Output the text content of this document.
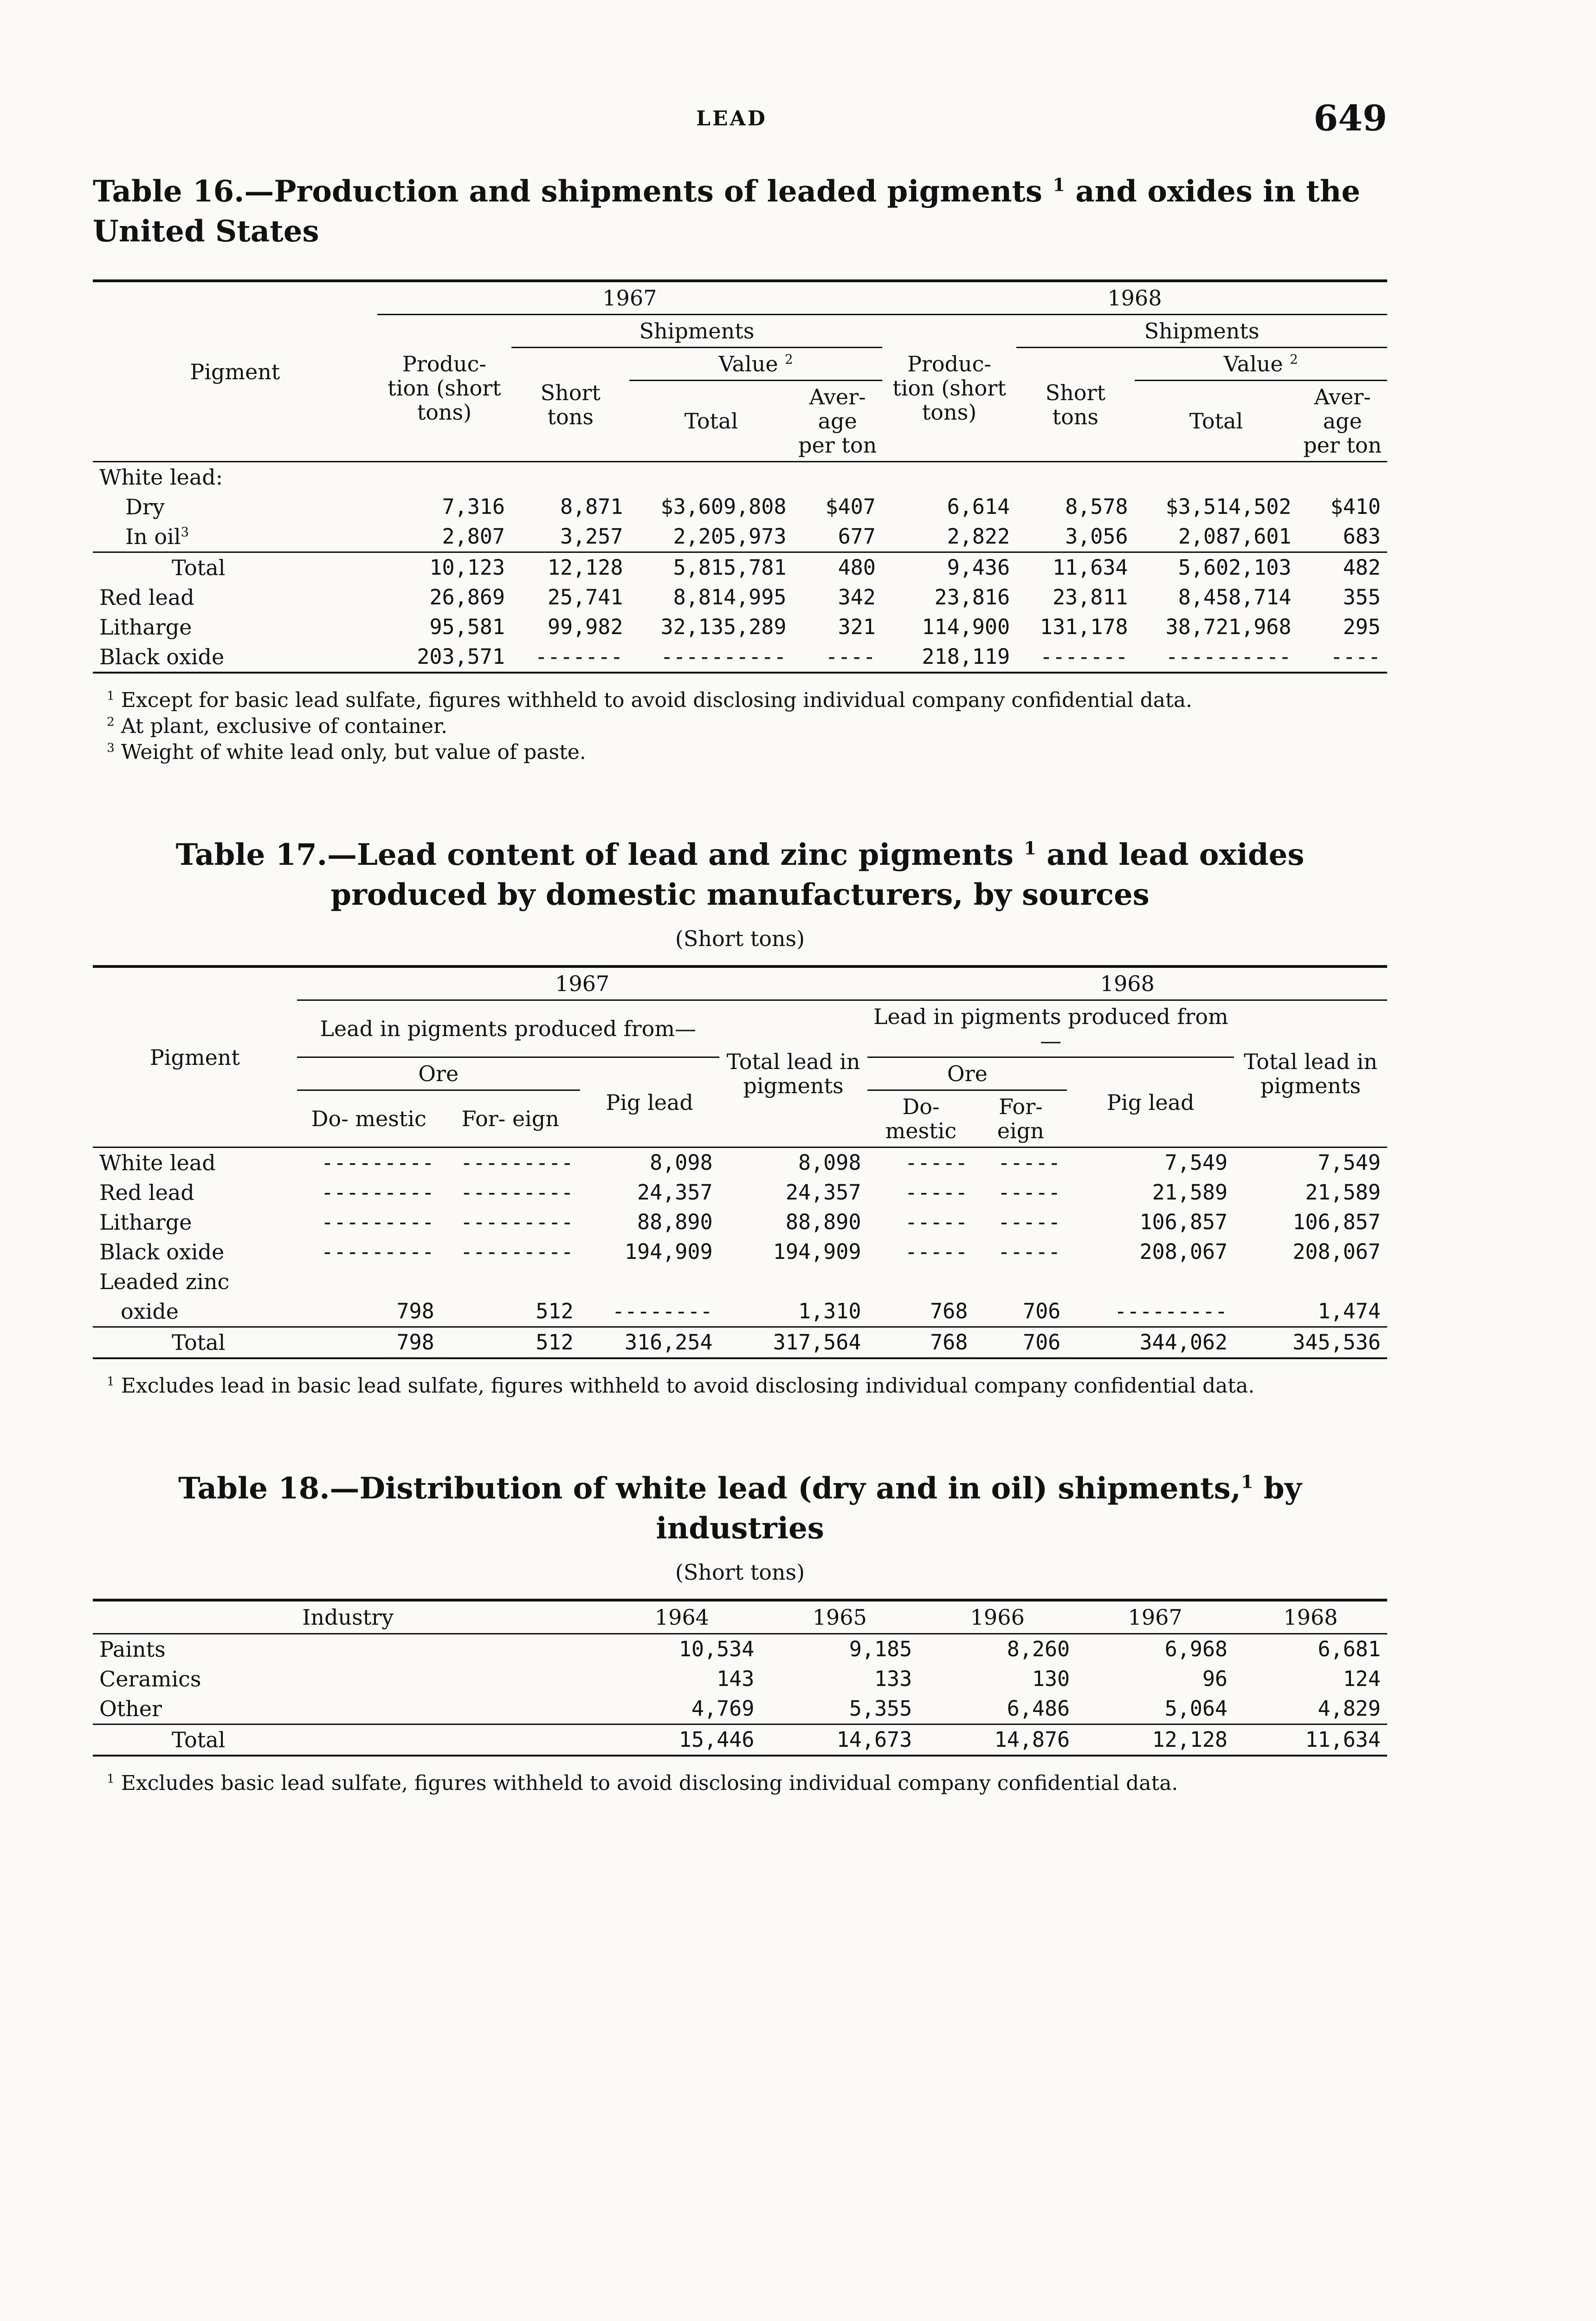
LEAD	649

Table 16.—Production and shipments of leaded pigments $^1$ and oxides in the United States

Pigment	1967				1968			
	Produc- tion (short tons)	Shipments			Produc- tion (short tons)	Shipments		
		Short tons	Value $^2$			Short tons	Value $^2$
			Total	Aver- age per ton			Total	Aver- age per ton
White lead:								
Dry	7,316	8,871	$3,609,808	$407	6,614	8,578	$3,514,502	$410
In oil$^3$	2,807	3,257	2,205,973	677	2,822	3,056	2,087,601	683
Total	10,123	12,128	5,815,781	480	9,436	11,634	5,602,103	482
Red lead	26,869	25,741	8,814,995	342	23,816	23,811	8,458,714	355
Litharge	95,581	99,982	32,135,289	321	114,900	131,178	38,721,968	295
Black oxide	203,571	-------	----------	----	218,119	-------	----------	----

$^1$ Except for basic lead sulfate, figures withheld to avoid disclosing individual company confidential data.

$^2$ At plant, exclusive of container.

$^3$ Weight of white lead only, but value of paste.

Table 17.—Lead content of lead and zinc pigments $^1$ and lead oxides
produced by domestic manufacturers, by sources

(Short tons)
Pigment	1967				1968			
	Lead in pigments produced from—			Total lead in pigments	Lead in pigments produced from—			Total lead in pigments
	Ore		Pig lead		Ore		Pig lead	
	Do- mestic	For- eign			Do- mestic	For- eign		
White lead	---------	---------	8,098	8,098	-----	-----	7,549	7,549
Red lead	---------	---------	24,357	24,357	-----	-----	21,589	21,589
Litharge	---------	---------	88,890	88,890	-----	-----	106,857	106,857
Black oxide	---------	---------	194,909	194,909	-----	-----	208,067	208,067
Leaded zinc								
oxide	798	512	--------	1,310	768	706	---------	1,474
Total	798	512	316,254	317,564	768	706	344,062	345,536

$^1$ Excludes lead in basic lead sulfate, figures withheld to avoid disclosing individual company confidential data.

Table 18.—Distribution of white lead (dry and in oil) shipments,$^1$ by industries

(Short tons)
Industry	1964	1965	1966	1967	1968
Paints	10,534	9,185	8,260	6,968	6,681
Ceramics	143	133	130	96	124
Other	4,769	5,355	6,486	5,064	4,829
Total	15,446	14,673	14,876	12,128	11,634

$^1$ Excludes basic lead sulfate, figures withheld to avoid disclosing individual company confidential data.
